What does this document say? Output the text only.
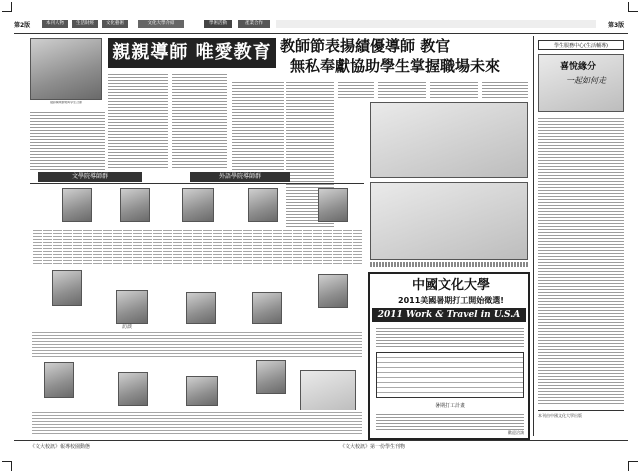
第2版	本刊人物	生活財經	文化藝術	文化大學介紹	學術活動	產業合作	第3版
(圖)導師頒獎與學生合影
親親導師 唯愛教育 教師節表揚績優導師 教官
無私奉獻協助學生掌握職場未來
文學院導師群	外語學院導師群
訪談
中國文化大學
2011美國暑期打工開始徵選!
2011 Work & Travel in U.S.A
暑期打工計畫
歡迎洽詢
學生服務中心(生活輔導)
喜悅緣分
一起如何走
本刊由中國文化大學出版
《文大校訊》報導校園動態	《文大校訊》第一份學生刊物
